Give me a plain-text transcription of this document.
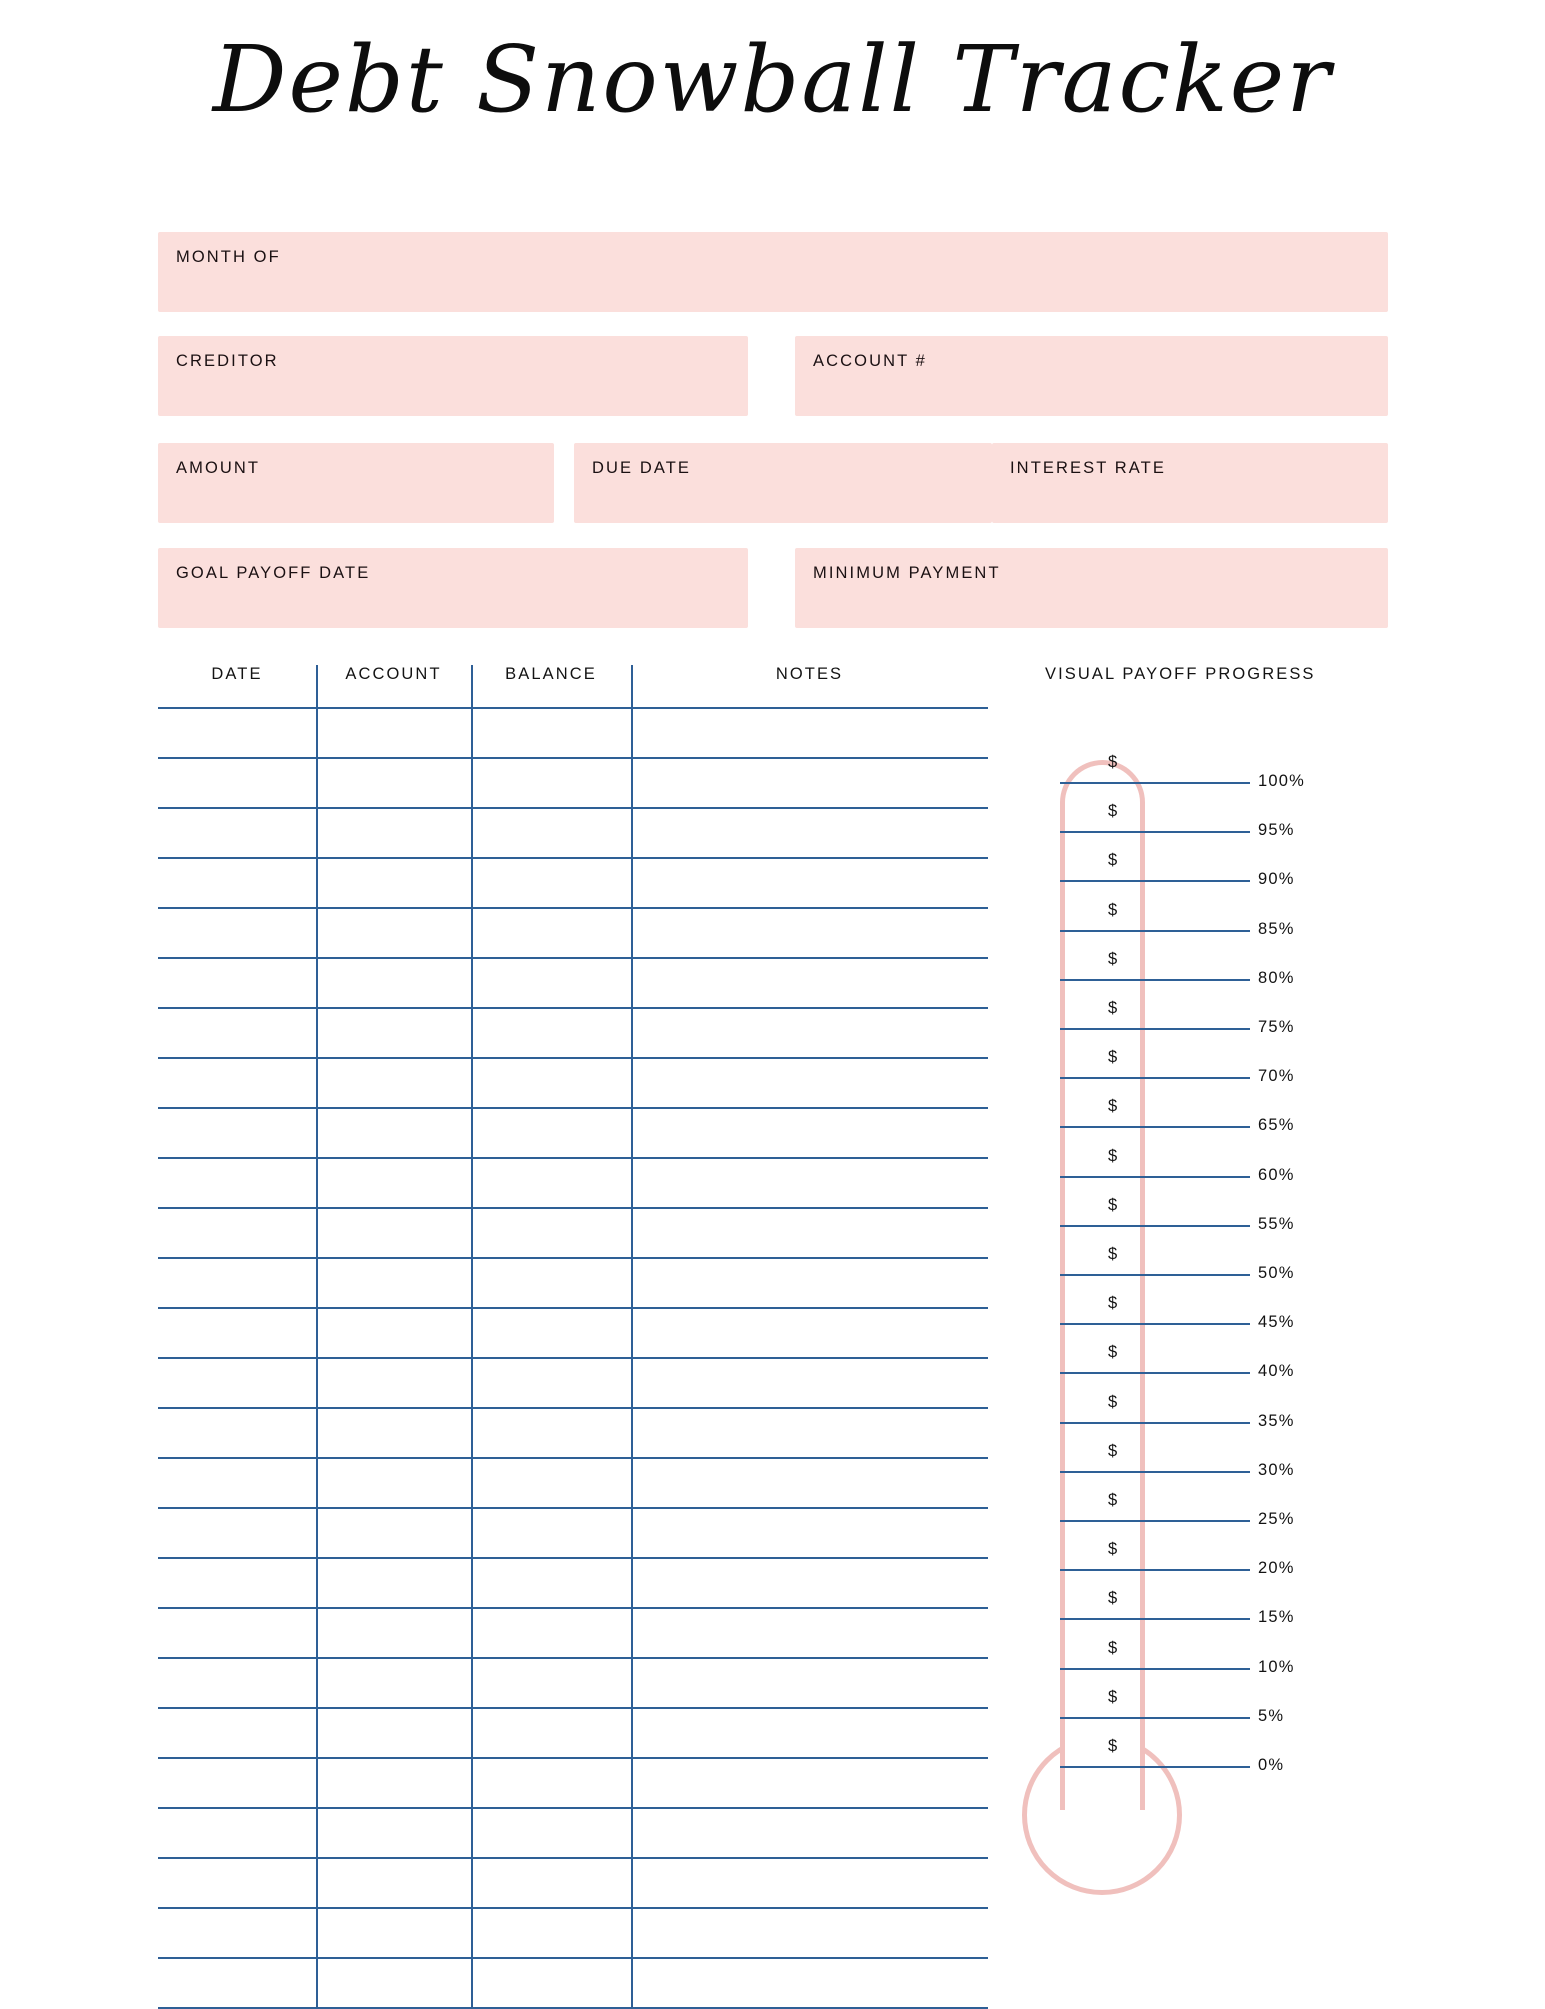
Debt Snowball Tracker
MONTH OF
CREDITOR	ACCOUNT #
AMOUNT	DUE DATE	INTEREST RATE
GOAL PAYOFF DATE	MINIMUM PAYMENT
DATE	ACCOUNT	BALANCE	NOTES	VISUAL PAYOFF PROGRESS
100%
$
95%
$
90%
$
85%
$
80%
$
75%
$
70%
$
65%
$
60%
$
55%
$
50%
$
45%
$
40%
$
35%
$
30%
$
25%
$
20%
$
15%
$
10%
$
5%
$
0%
$
